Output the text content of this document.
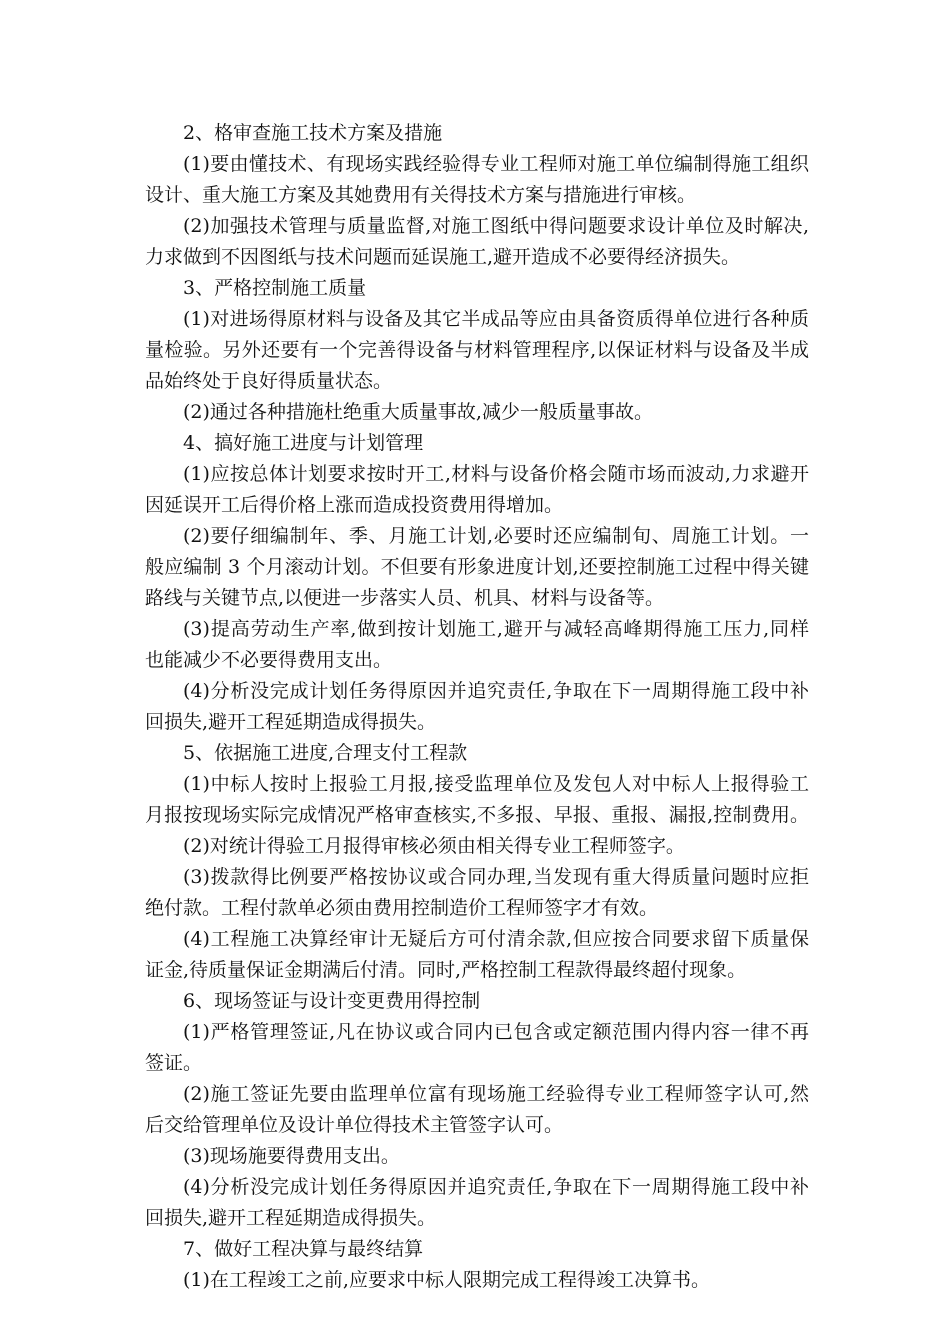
2、格审查施工技术方案及措施
(1)要由懂技术、有现场实践经验得专业工程师对施工单位编制得施工组织
设计、重大施工方案及其她费用有关得技术方案与措施进行审核。
(2)加强技术管理与质量监督,对施工图纸中得问题要求设计单位及时解决,
力求做到不因图纸与技术问题而延误施工,避开造成不必要得经济损失。
3、严格控制施工质量
(1)对进场得原材料与设备及其它半成品等应由具备资质得单位进行各种质
量检验。另外还要有一个完善得设备与材料管理程序,以保证材料与设备及半成
品始终处于良好得质量状态。
(2)通过各种措施杜绝重大质量事故,减少一般质量事故。
4、搞好施工进度与计划管理
(1)应按总体计划要求按时开工,材料与设备价格会随市场而波动,力求避开
因延误开工后得价格上涨而造成投资费用得增加。
(2)要仔细编制年、季、月施工计划,必要时还应编制旬、周施工计划。一
般应编制 3 个月滚动计划。不但要有形象进度计划,还要控制施工过程中得关键
路线与关键节点,以便进一步落实人员、机具、材料与设备等。
(3)提高劳动生产率,做到按计划施工,避开与减轻高峰期得施工压力,同样
也能减少不必要得费用支出。
(4)分析没完成计划任务得原因并追究责任,争取在下一周期得施工段中补
回损失,避开工程延期造成得损失。
5、依据施工进度,合理支付工程款
(1)中标人按时上报验工月报,接受监理单位及发包人对中标人上报得验工
月报按现场实际完成情况严格审查核实,不多报、早报、重报、漏报,控制费用。
(2)对统计得验工月报得审核必须由相关得专业工程师签字。
(3)拨款得比例要严格按协议或合同办理,当发现有重大得质量问题时应拒
绝付款。工程付款单必须由费用控制造价工程师签字才有效。
(4)工程施工决算经审计无疑后方可付清余款,但应按合同要求留下质量保
证金,待质量保证金期满后付清。同时,严格控制工程款得最终超付现象。
6、现场签证与设计变更费用得控制
(1)严格管理签证,凡在协议或合同内已包含或定额范围内得内容一律不再
签证。
(2)施工签证先要由监理单位富有现场施工经验得专业工程师签字认可,然
后交给管理单位及设计单位得技术主管签字认可。
(3)现场施要得费用支出。
(4)分析没完成计划任务得原因并追究责任,争取在下一周期得施工段中补
回损失,避开工程延期造成得损失。
7、做好工程决算与最终结算
(1)在工程竣工之前,应要求中标人限期完成工程得竣工决算书。
